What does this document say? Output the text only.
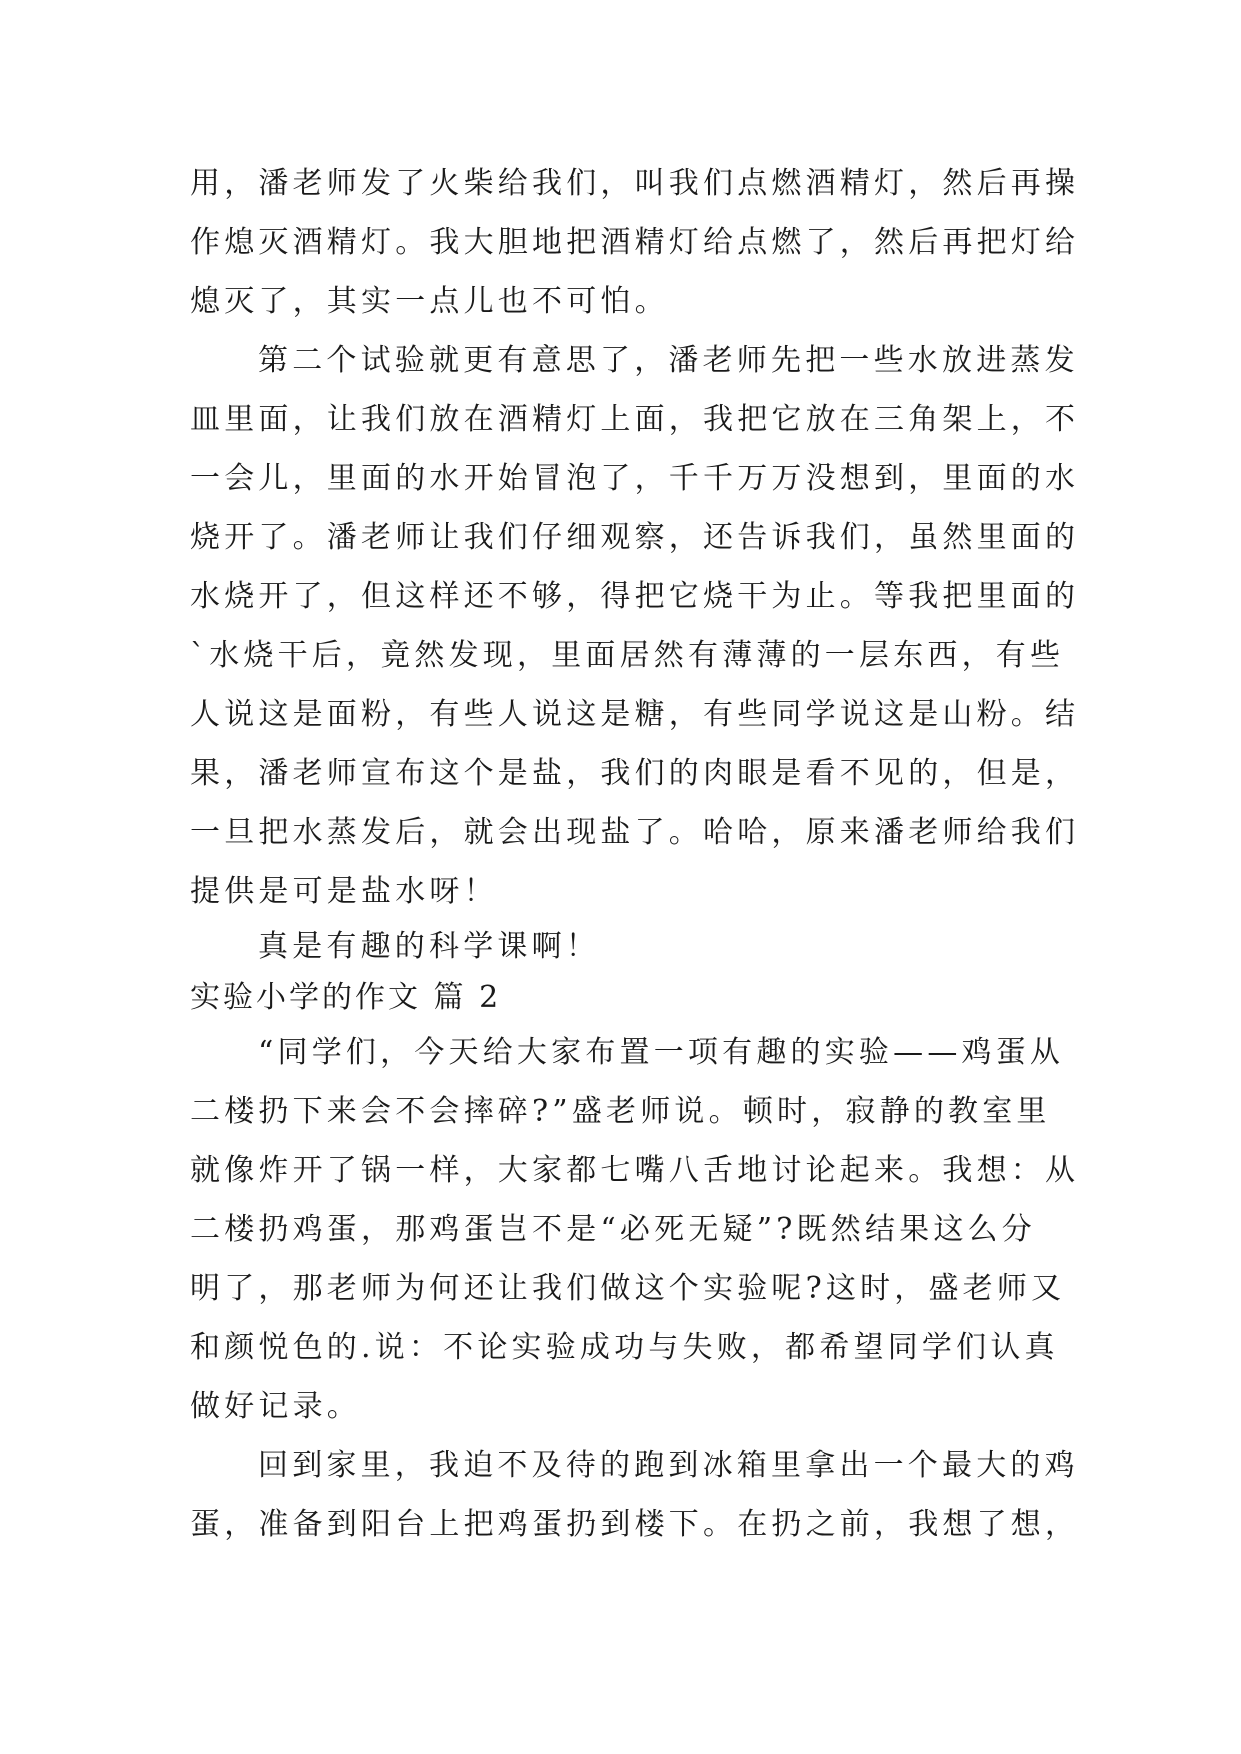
用，潘老师发了火柴给我们，叫我们点燃酒精灯，然后再操
作熄灭酒精灯。我大胆地把酒精灯给点燃了，然后再把灯给
熄灭了，其实一点儿也不可怕。
第二个试验就更有意思了，潘老师先把一些水放进蒸发
皿里面，让我们放在酒精灯上面，我把它放在三角架上，不
一会儿，里面的水开始冒泡了，千千万万没想到，里面的水
烧开了。潘老师让我们仔细观察，还告诉我们，虽然里面的
水烧开了，但这样还不够，得把它烧干为止。等我把里面的
`水烧干后，竟然发现，里面居然有薄薄的一层东西，有些
人说这是面粉，有些人说这是糖，有些同学说这是山粉。结
果，潘老师宣布这个是盐，我们的肉眼是看不见的，但是，
一旦把水蒸发后，就会出现盐了。哈哈，原来潘老师给我们
提供是可是盐水呀！
真是有趣的科学课啊！
实验小学的作文 篇 2
“同学们，今天给大家布置一项有趣的实验——鸡蛋从
二楼扔下来会不会摔碎?”盛老师说。顿时，寂静的教室里
就像炸开了锅一样，大家都七嘴八舌地讨论起来。我想：从
二楼扔鸡蛋，那鸡蛋岂不是“必死无疑”?既然结果这么分
明了，那老师为何还让我们做这个实验呢?这时，盛老师又
和颜悦色的.说：不论实验成功与失败，都希望同学们认真
做好记录。
回到家里，我迫不及待的跑到冰箱里拿出一个最大的鸡
蛋，准备到阳台上把鸡蛋扔到楼下。在扔之前，我想了想，
